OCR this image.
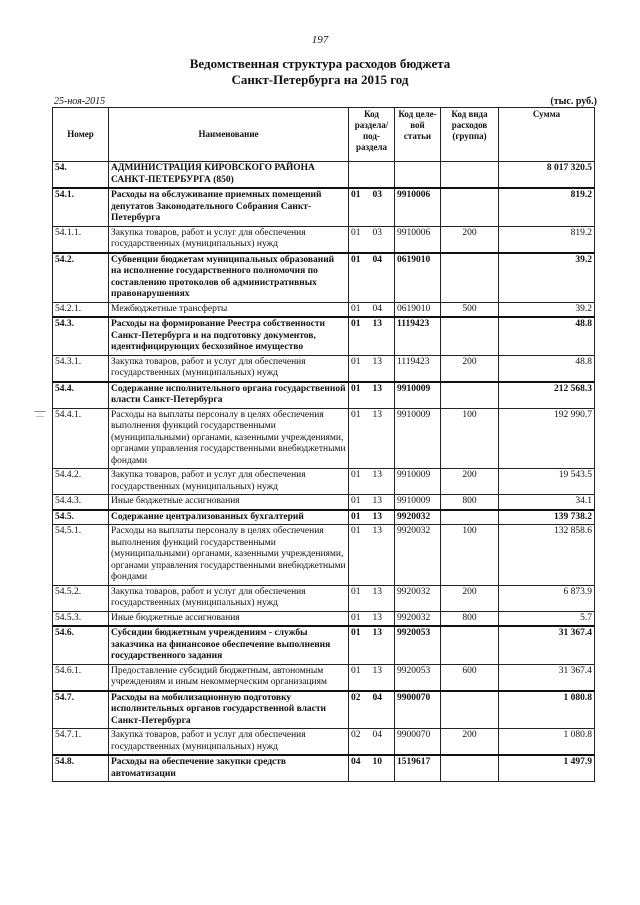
197
Ведомственная структура расходов бюджета
Санкт-Петербурга на 2015 год
25-ноя-2015	(тыс. руб.)
Номер	Наименование	Код раздела/ под-раздела		Код целе-вой статьи	Код вида расходов (группа)	Сумма
54.	АДМИНИСТРАЦИЯ КИРОВСКОГО РАЙОНА САНКТ-ПЕТЕРБУРГА (850)					8 017 320.5
54.1.	Расходы на обслуживание приемных помещений депутатов Законодательного Собрания Санкт-Петербурга	01	03	9910006		819.2
54.1.1.	Закупка товаров, работ и услуг для обеспечения государственных (муниципальных) нужд	01	03	9910006	200	819.2
54.2.	Субвенции бюджетам муниципальных образований на исполнение государственного полномочия по составлению протоколов об административных правонарушениях	01	04	0619010		39.2
54.2.1.	Межбюджетные трансферты	01	04	0619010	500	39.2
54.3.	Расходы на формирование Реестра собственности Санкт-Петербурга и на подготовку документов, идентифицирующих бесхозяйное имущество	01	13	1119423		48.8
54.3.1.	Закупка товаров, работ и услуг для обеспечения государственных (муниципальных) нужд	01	13	1119423	200	48.8
54.4.	Содержание исполнительного органа государственной власти Санкт-Петербурга	01	13	9910009		212 568.3
54.4.1.	Расходы на выплаты персоналу в целях обеспечения выполнения функций государственными (муниципальными) органами, казенными учреждениями, органами управления государственными внебюджетными фондами	01	13	9910009	100	192 990.7
54.4.2.	Закупка товаров, работ и услуг для обеспечения государственных (муниципальных) нужд	01	13	9910009	200	19 543.5
54.4.3.	Иные бюджетные ассигнования	01	13	9910009	800	34.1
54.5.	Содержание централизованных бухгалтерий	01	13	9920032		139 738.2
54.5.1.	Расходы на выплаты персоналу в целях обеспечения выполнения функций государственными (муниципальными) органами, казенными учреждениями, органами управления государственными внебюджетными фондами	01	13	9920032	100	132 858.6
54.5.2.	Закупка товаров, работ и услуг для обеспечения государственных (муниципальных) нужд	01	13	9920032	200	6 873.9
54.5.3.	Иные бюджетные ассигнования	01	13	9920032	800	5.7
54.6.	Субсидии бюджетным учреждениям - службы заказчика на финансовое обеспечение выполнения государственного задания	01	13	9920053		31 367.4
54.6.1.	Предоставление субсидий бюджетным, автономным учреждениям и иным некоммерческим организациям	01	13	9920053	600	31 367.4
54.7.	Расходы на мобилизационную подготовку исполнительных органов государственной власти Санкт-Петербурга	02	04	9900070		1 080.8
54.7.1.	Закупка товаров, работ и услуг для обеспечения государственных (муниципальных) нужд	02	04	9900070	200	1 080.8
54.8.	Расходы на обеспечение закупки средств автоматизации	04	10	1519617		1 497.9
